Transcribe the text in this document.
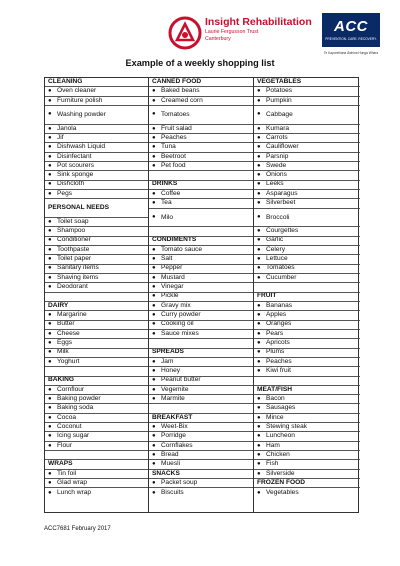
Insight Rehabilitation
Laurie Fergusson Trust
Canterbury
ACC
PREVENTION. CARE. RECOVERY.
Te Kaporeihana Āwhina Hunga Whara
Example of a weekly shopping list
CLEANING
● Oven cleaner
● Furniture polish
● Washing powder
● Janola
● Jif
● Dishwash Liquid
● Disinfectant
● Pot scourers
● Sink sponge
● Dishcloth
● Pegs
PERSONAL NEEDS
● Toilet soap
● Shampoo
● Conditioner
● Toothpaste
● Toilet paper
● Sanitary items
● Shaving items
● Deodorant
DAIRY
● Margarine
● Butter
● Cheese
● Eggs
● Milk
● Yoghurt
BAKING
● Cornflour
● Baking powder
● Baking soda
● Cocoa
● Coconut
● Icing sugar
● Flour
WRAPS
● Tin foil
● Glad wrap
● Lunch wrap
CANNED FOOD
● Baked beans
● Creamed corn
● Tomatoes
● Fruit salad
● Peaches
● Tuna
● Beetroot
● Pet food
DRINKS
● Coffee
● Tea
● Milo
CONDIMENTS
● Tomato sauce
● Salt
● Pepper
● Mustard
● Vinegar
● Pickle
● Gravy mix
● Curry powder
● Cooking oil
● Sauce mixes
SPREADS
● Jam
● Honey
● Peanut butter
● Vegemite
● Marmite
BREAKFAST
● Weet-Bix
● Porridge
● Cornflakes
● Bread
● Muesli
SNACKS
● Packet soup
● Biscuits
VEGETABLES
● Potatoes
● Pumpkin
● Cabbage
● Kumara
● Carrots
● Cauliflower
● Parsnip
● Swede
● Onions
● Leeks
● Asparagus
● Silverbeet
● Broccoli
● Courgettes
● Garlic
● Celery
● Lettuce
● Tomatoes
● Cucumber
FRUIT
● Bananas
● Apples
● Oranges
● Pears
● Apricots
● Plums
● Peaches
● Kiwi fruit
MEAT/FISH
● Bacon
● Sausages
● Mince
● Stewing steak
● Luncheon
● Ham
● Chicken
● Fish
● Silverside
FROZEN FOOD
● Vegetables
ACC7681 February 2017
